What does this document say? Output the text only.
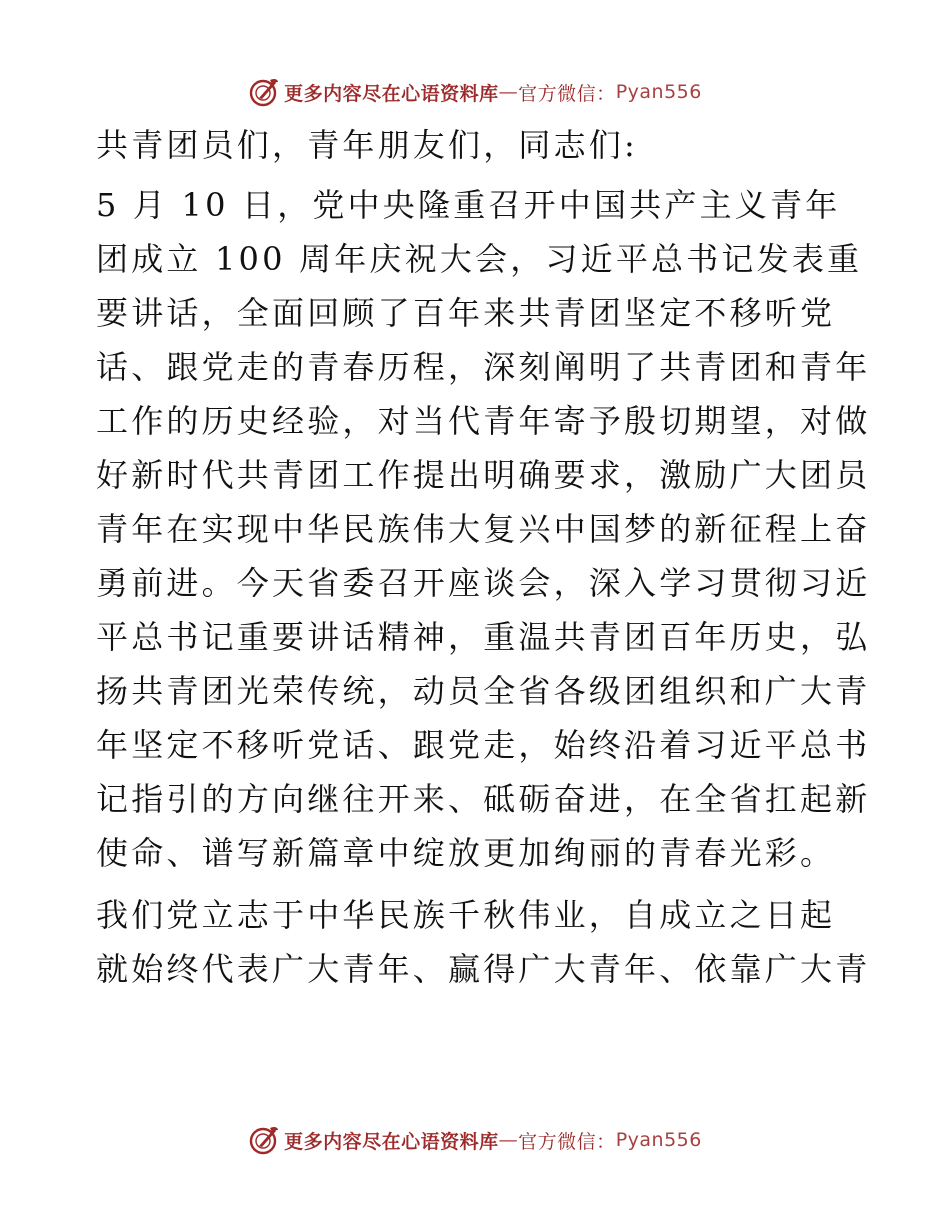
更多内容尽在心语资料库 — 官方微信： Pyan556

共青团员们，青年朋友们，同志们:

5 月 10 日，党中央隆重召开中国共产主义青年
团成立 100 周年庆祝大会，习近平总书记发表重
要讲话，全面回顾了百年来共青团坚定不移听党
话、跟党走的青春历程，深刻阐明了共青团和青年
工作的历史经验，对当代青年寄予殷切期望，对做
好新时代共青团工作提出明确要求，激励广大团员
青年在实现中华民族伟大复兴中国梦的新征程上奋
勇前进。今天省委召开座谈会，深入学习贯彻习近
平总书记重要讲话精神，重温共青团百年历史，弘
扬共青团光荣传统，动员全省各级团组织和广大青
年坚定不移听党话、跟党走，始终沿着习近平总书
记指引的方向继往开来、砥砺奋进，在全省扛起新
使命、谱写新篇章中绽放更加绚丽的青春光彩。

我们党立志于中华民族千秋伟业，自成立之日起
就始终代表广大青年、赢得广大青年、依靠广大青

更多内容尽在心语资料库 — 官方微信： Pyan556
